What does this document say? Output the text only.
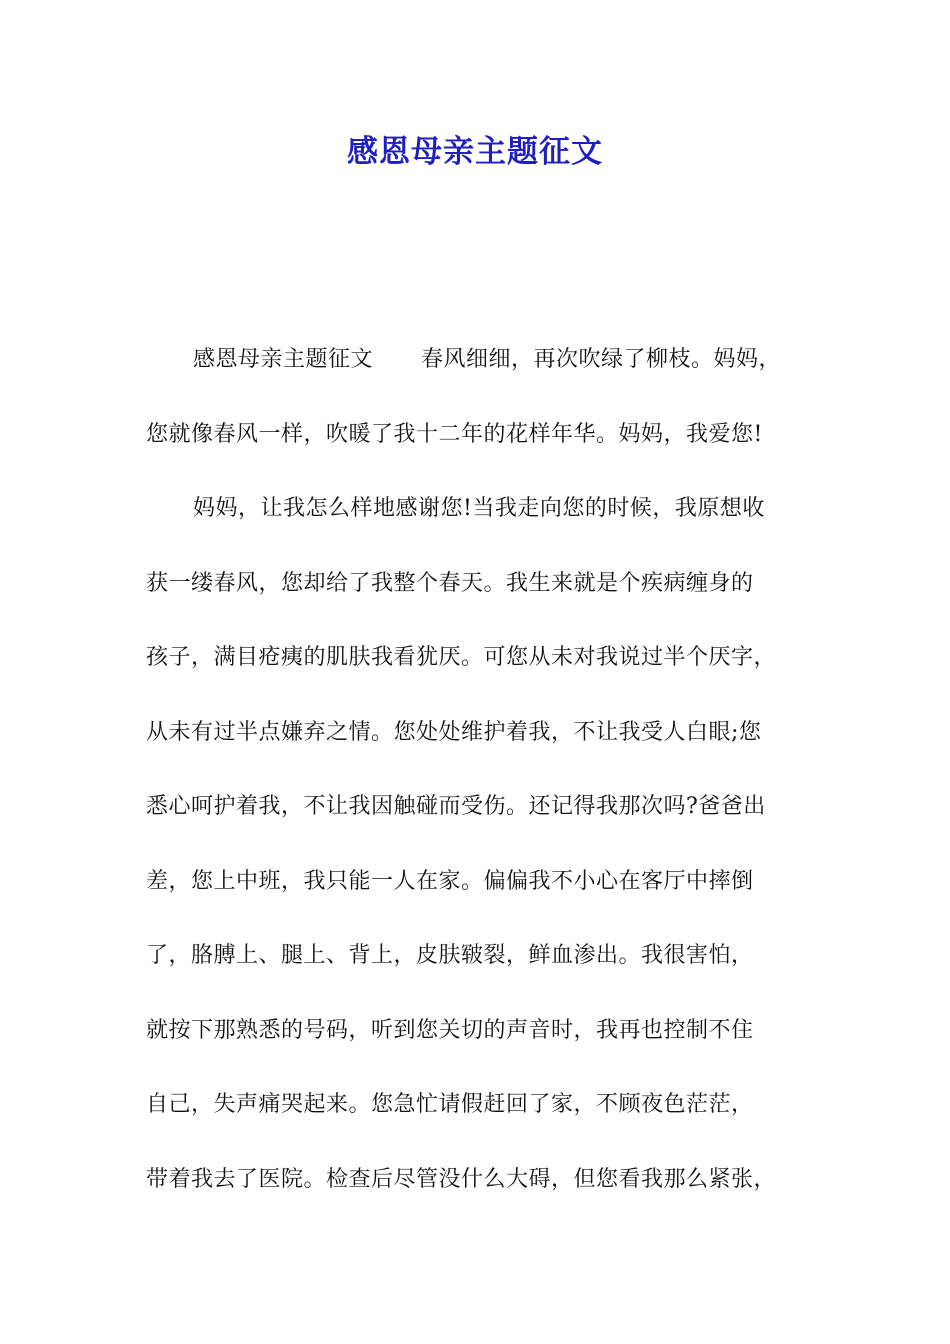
感恩母亲主题征文
感恩母亲主题征文 春风细细，再次吹绿了柳枝。妈妈，
您就像春风一样，吹暖了我十二年的花样年华。妈妈，我爱您!
妈妈，让我怎么样地感谢您!当我走向您的时候，我原想收
获一缕春风，您却给了我整个春天。我生来就是个疾病缠身的
孩子，满目疮痍的肌肤我看犹厌。可您从未对我说过半个厌字，
从未有过半点嫌弃之情。您处处维护着我，不让我受人白眼;您
悉心呵护着我，不让我因触碰而受伤。还记得我那次吗?爸爸出
差，您上中班，我只能一人在家。偏偏我不小心在客厅中摔倒
了，胳膊上、腿上、背上，皮肤皲裂，鲜血渗出。我很害怕，
就按下那熟悉的号码，听到您关切的声音时，我再也控制不住
自己，失声痛哭起来。您急忙请假赶回了家，不顾夜色茫茫，
带着我去了医院。检查后尽管没什么大碍，但您看我那么紧张，
